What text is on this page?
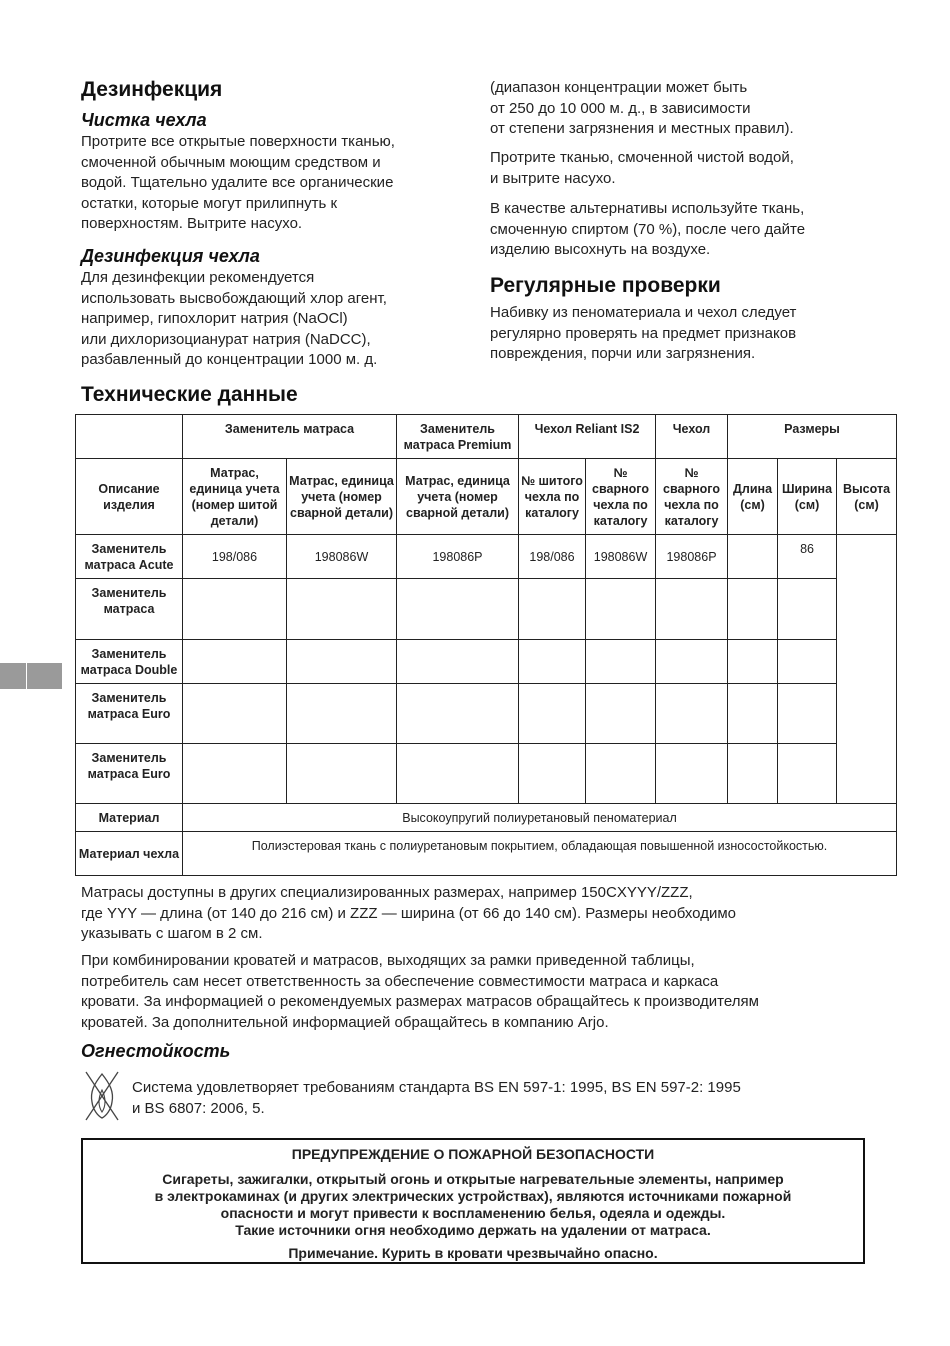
Дезинфекция
Чистка чехла

Протрите все открытые поверхности тканью,
смоченной обычным моющим средством и
водой. Тщательно удалите все органические
остатки, которые могут прилипнуть к
поверхностям. Вытрите насухо.

Дезинфекция чехла

Для дезинфекции рекомендуется
использовать высвобождающий хлор агент,
например, гипохлорит натрия (NaOCl)
или дихлоризоцианурат натрия (NaDCC),
разбавленный до концентрации 1000 м. д.

(диапазон концентрации может быть
от 250 до 10 000 м. д., в зависимости
от степени загрязнения и местных правил).

Протрите тканью, смоченной чистой водой,
и вытрите насухо.

В качестве альтернативы используйте ткань,
смоченную спиртом (70 %), после чего дайте
изделию высохнуть на воздухе.

Регулярные проверки

Набивку из пеноматериала и чехол следует
регулярно проверять на предмет признаков
повреждения, порчи или загрязнения.

Технические данные
	Заменитель матраса		Заменитель матраса Premium	Чехол Reliant IS2		Чехол	Размеры		
Описание изделия	Матрас, единица учета (номер шитой детали)	Матрас, единица учета (номер сварной детали)	Матрас, единица учета (номер сварной детали)	№ шитого чехла по каталогу	№ сварного чехла по каталогу	№ сварного чехла по каталогу	Длина (см)	Ширина (см)	Высота (см)
Заменитель матраса Acute	198/086	198086W	198086P	198/086	198086W	198086P		86	
Заменитель матраса									
Заменитель матраса Double									
Заменитель матраса Euro									
Заменитель матраса Euro									
Материал	Высокоупругий полиуретановый пеноматериал								
Материал чехла	Полиэстеровая ткань с полиуретановым покрытием, обладающая повышенной износостойкостью.								

Матрасы доступны в других специализированных размерах, например 150CXYYY/ZZZ,
где YYY — длина (от 140 до 216 см) и ZZZ — ширина (от 66 до 140 см). Размеры необходимо
указывать с шагом в 2 см.

При комбинировании кроватей и матрасов, выходящих за рамки приведенной таблицы,
потребитель сам несет ответственность за обеспечение совместимости матраса и каркаса
кровати. За информацией о рекомендуемых размерах матрасов обращайтесь к производителям
кроватей. За дополнительной информацией обращайтесь в компанию Arjo.

Огнестойкость

Система удовлетворяет требованиям стандарта BS EN 597-1: 1995, BS EN 597-2: 1995
и BS 6807: 2006, 5.

ПРЕДУПРЕЖДЕНИЕ О ПОЖАРНОЙ БЕЗОПАСНОСТИ
Сигареты, зажигалки, открытый огонь и открытые нагревательные элементы, например
в электрокаминах (и других электрических устройствах), являются источниками пожарной
опасности и могут привести к воспламенению белья, одеяла и одежды.
Такие источники огня необходимо держать на удалении от матраса.
Примечание. Курить в кровати чрезвычайно опасно.
